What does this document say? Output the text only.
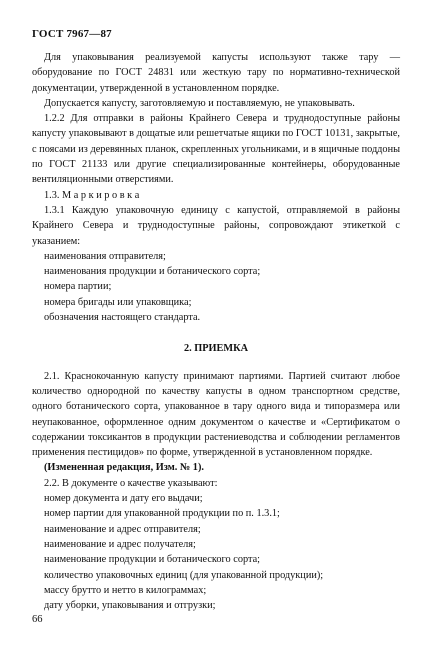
ГОСТ 7967—87

Для упаковывания реализуемой капусты используют также тару — оборудование по ГОСТ 24831 или жесткую тару по нормативно-технической документации, утвержденной в установленном порядке.

Допускается капусту, заготовляемую и поставляемую, не упаковывать.

1.2.2 Для отправки в районы Крайнего Севера и труднодоступные районы капусту упаковывают в дощатые или решетчатые ящики по ГОСТ 10131, закрытые, с поясами из деревянных планок, скрепленных угольниками, и в ящичные поддоны по ГОСТ 21133 или другие специализированные контейнеры, оборудованные вентиляционными отверстиями.

1.3. М а р к и р о в к а

1.3.1 Каждую упаковочную единицу с капустой, отправляемой в районы Крайнего Севера и труднодоступные районы, сопровождают этикеткой с указанием:

наименования отправителя;

наименования продукции и ботанического сорта;

номера партии;

номера бригады или упаковщика;

обозначения настоящего стандарта.

2. ПРИЕМКА

2.1. Краснокочанную капусту принимают партиями. Партией считают любое количество однородной по качеству капусты в одном транспортном средстве, одного ботанического сорта, упакованное в тару одного вида и типоразмера или неупакованное, оформленное одним документом о качестве и «Сертификатом о содержании токсикантов в продукции растениеводства и соблюдении регламентов применения пестицидов» по форме, утвержденной в установленном порядке.

(Измененная редакция, Изм. № 1).

2.2. В документе о качестве указывают:

номер документа и дату его выдачи;

номер партии для упакованной продукции по п. 1.3.1;

наименование и адрес отправителя;

наименование и адрес получателя;

наименование продукции и ботанического сорта;

количество упаковочных единиц (для упакованной продукции);

массу брутто и нетто в килограммах;

дату уборки, упаковывания и отгрузки;

66
